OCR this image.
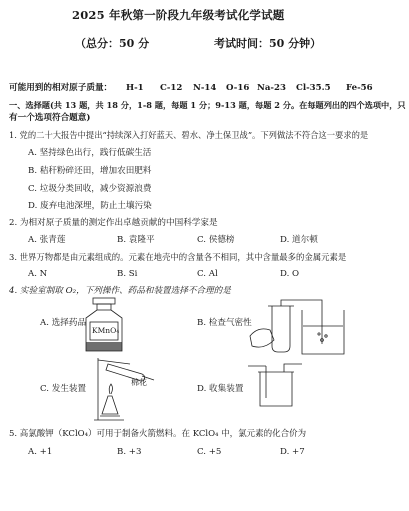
2025 年秋第一阶段九年级考试化学试题
（总分：50 分	考试时间：50 分钟）
可能用到的相对原子质量： H-1 C-12 N-14 O-16 Na-23 Cl-35.5 Fe-56
一、选择题(共 13 题，共 18 分，1-8 题，每题 1 分；9-13 题，每题 2 分。在每题列出的四个选项中，只
有一个选项符合题意)
1. 党的二十大报告中提出“持续深入打好蓝天、碧水、净土保卫战”。下列做法不符合这一要求的是
A. 坚持绿色出行，践行低碳生活
B. 秸秆粉碎还田，增加农田肥料
C. 垃圾分类回收，减少资源浪费
D. 废弃电池深埋，防止土壤污染
2. 为相对原子质量的测定作出卓越贡献的中国科学家是
A. 张青莲	B. 袁隆平	C. 侯德榜	D. 道尔顿
3. 世界万物都是由元素组成的。元素在地壳中的含量各不相同，其中含量最多的金属元素是
A. N	B. Si	C. Al	D. O
4. 实验室制取 O₂，下列操作、药品和装置选择不合理的是
KMnO₄
A. 选择药品	B. 检查气密性
棉花
C. 发生装置	D. 收集装置
5. 高氯酸钾（KClO₄）可用于制备火箭燃料。在 KClO₄ 中，氯元素的化合价为
A. +1	B. +3	C. +5	D. +7
